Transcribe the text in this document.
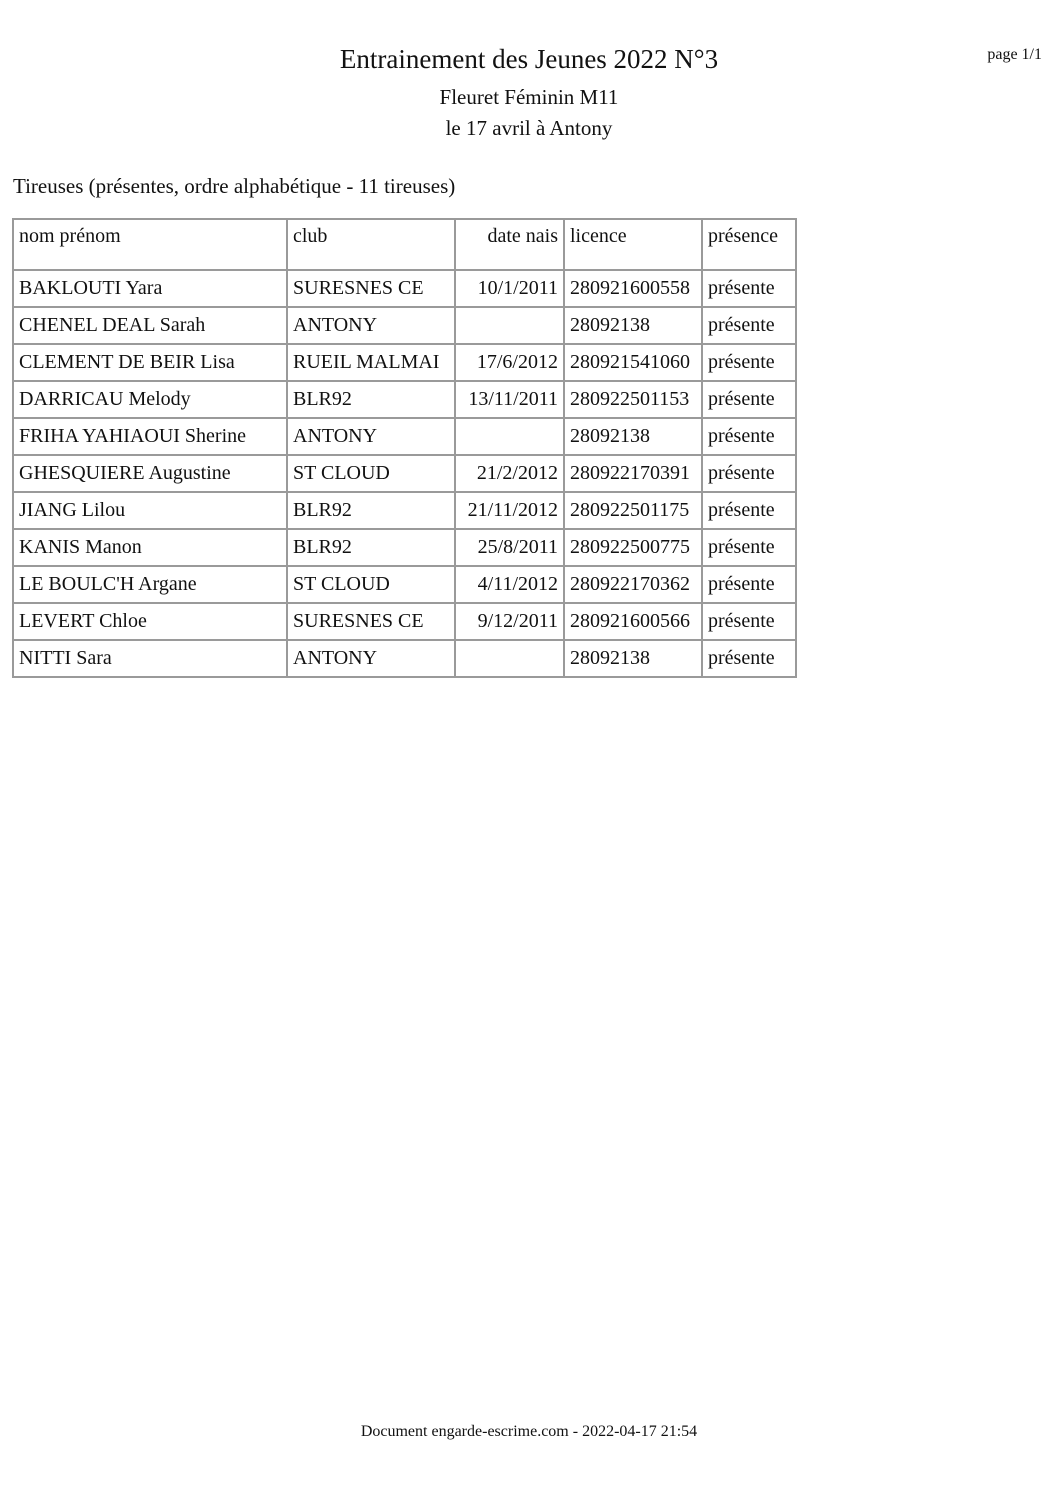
page 1/1
Entrainement des Jeunes 2022 N°3
Fleuret Féminin M11
le 17 avril à Antony
Tireuses (présentes, ordre alphabétique - 11 tireuses)
nom prénom	club	date nais	licence	présence
BAKLOUTI Yara	SURESNES CE	10/1/2011	280921600558	présente
CHENEL DEAL Sarah	ANTONY		28092138	présente
CLEMENT DE BEIR Lisa	RUEIL MALMAI	17/6/2012	280921541060	présente
DARRICAU Melody	BLR92	13/11/2011	280922501153	présente
FRIHA YAHIAOUI Sherine	ANTONY		28092138	présente
GHESQUIERE Augustine	ST CLOUD	21/2/2012	280922170391	présente
JIANG Lilou	BLR92	21/11/2012	280922501175	présente
KANIS Manon	BLR92	25/8/2011	280922500775	présente
LE BOULC'H Argane	ST CLOUD	4/11/2012	280922170362	présente
LEVERT Chloe	SURESNES CE	9/12/2011	280921600566	présente
NITTI Sara	ANTONY		28092138	présente
Document engarde-escrime.com - 2022-04-17 21:54
